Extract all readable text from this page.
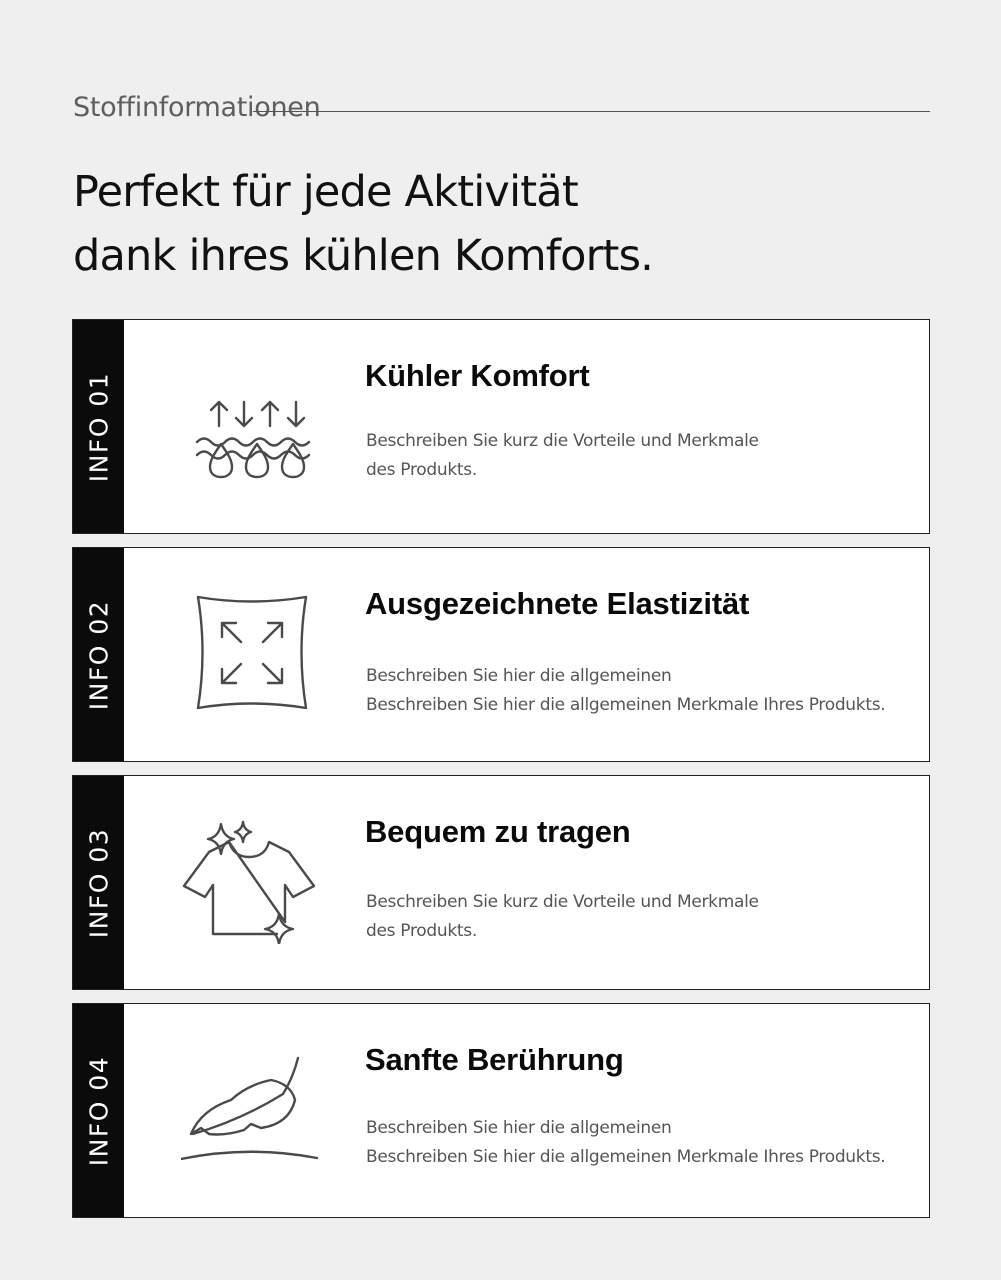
Stoffinformationen
Perfekt für jede Aktivität
dank ihres kühlen Komforts.
INFO 01	Kühler Komfort
Beschreiben Sie kurz die Vorteile und Merkmale
des Produkts.
INFO 02	Ausgezeichnete Elastizität
Beschreiben Sie hier die allgemeinen
Beschreiben Sie hier die allgemeinen Merkmale Ihres Produkts.
INFO 03	Bequem zu tragen
Beschreiben Sie kurz die Vorteile und Merkmale
des Produkts.
INFO 04	Sanfte Berührung
Beschreiben Sie hier die allgemeinen
Beschreiben Sie hier die allgemeinen Merkmale Ihres Produkts.
